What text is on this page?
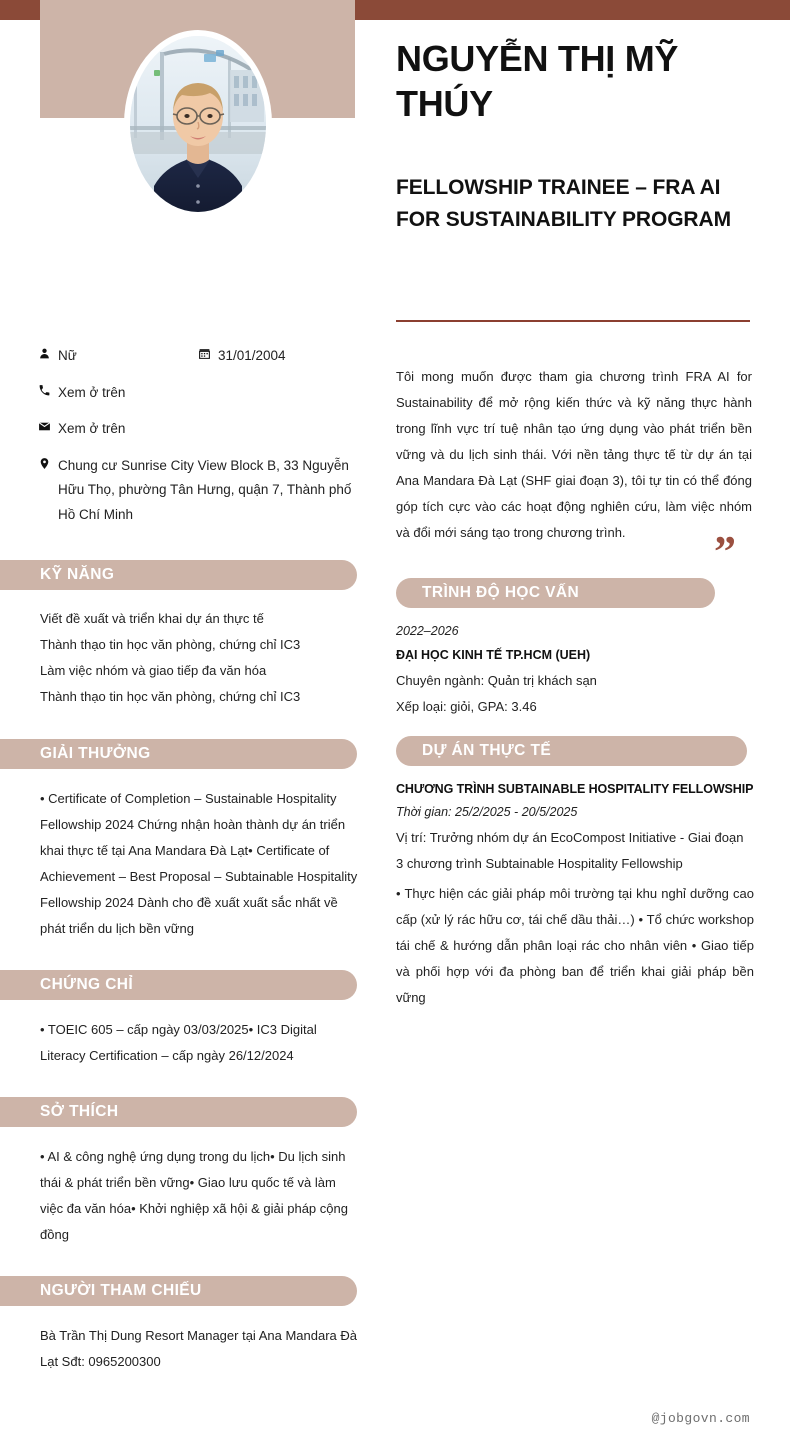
Nữ	31/01/2004
Xem ở trên
Xem ở trên
Chung cư Sunrise City View Block B, 33 Nguyễn Hữu Thọ, phường Tân Hưng, quận 7, Thành phố Hồ Chí Minh
KỸ NĂNG
Viết đề xuất và triển khai dự án thực tế
Thành thạo tin học văn phòng, chứng chỉ IC3
Làm việc nhóm và giao tiếp đa văn hóa
Thành thạo tin học văn phòng, chứng chỉ IC3
GIẢI THƯỞNG
• Certificate of Completion – Sustainable Hospitality Fellowship 2024 Chứng nhận hoàn thành dự án triển khai thực tế tại Ana Mandara Đà Lạt• Certificate of Achievement – Best Proposal – Subtainable Hospitality Fellowship 2024 Dành cho đề xuất xuất sắc nhất về phát triển du lịch bền vững
CHỨNG CHỈ
• TOEIC 605 – cấp ngày 03/03/2025• IC3 Digital Literacy Certification – cấp ngày 26/12/2024
SỞ THÍCH
• AI & công nghệ ứng dụng trong du lịch• Du lịch sinh thái & phát triển bền vững• Giao lưu quốc tế và làm việc đa văn hóa• Khởi nghiệp xã hội & giải pháp cộng đồng
NGƯỜI THAM CHIẾU
Bà Trần Thị Dung Resort Manager tại Ana Mandara Đà Lạt Sđt: 0965200300
NGUYỄN THỊ MỸ THÚY
FELLOWSHIP TRAINEE – FRA AI FOR SUSTAINABILITY PROGRAM
Tôi mong muốn được tham gia chương trình FRA AI for Sustainability để mở rộng kiến thức và kỹ năng thực hành trong lĩnh vực trí tuệ nhân tạo ứng dụng vào phát triển bền vững và du lịch sinh thái. Với nền tảng thực tế từ dự án tại Ana Mandara Đà Lạt (SHF giai đoạn 3), tôi tự tin có thể đóng góp tích cực vào các hoạt động nghiên cứu, làm việc nhóm và đổi mới sáng tạo trong chương trình.	”
TRÌNH ĐỘ HỌC VẤN
2022–2026
ĐẠI HỌC KINH TẾ TP.HCM (UEH)
Chuyên ngành: Quản trị khách sạn
Xếp loại: giỏi, GPA: 3.46
DỰ ÁN THỰC TẾ
CHƯƠNG TRÌNH SUBTAINABLE HOSPITALITY FELLOWSHIP
Thời gian: 25/2/2025 - 20/5/2025
Vị trí: Trưởng nhóm dự án EcoCompost Initiative - Giai đoạn 3 chương trình Subtainable Hospitality Fellowship
• Thực hiện các giải pháp môi trường tại khu nghỉ dưỡng cao cấp (xử lý rác hữu cơ, tái chế dầu thải…) • Tổ chức workshop tái chế & hướng dẫn phân loại rác cho nhân viên • Giao tiếp và phối hợp với đa phòng ban để triển khai giải pháp bền vững
@jobgovn.com
